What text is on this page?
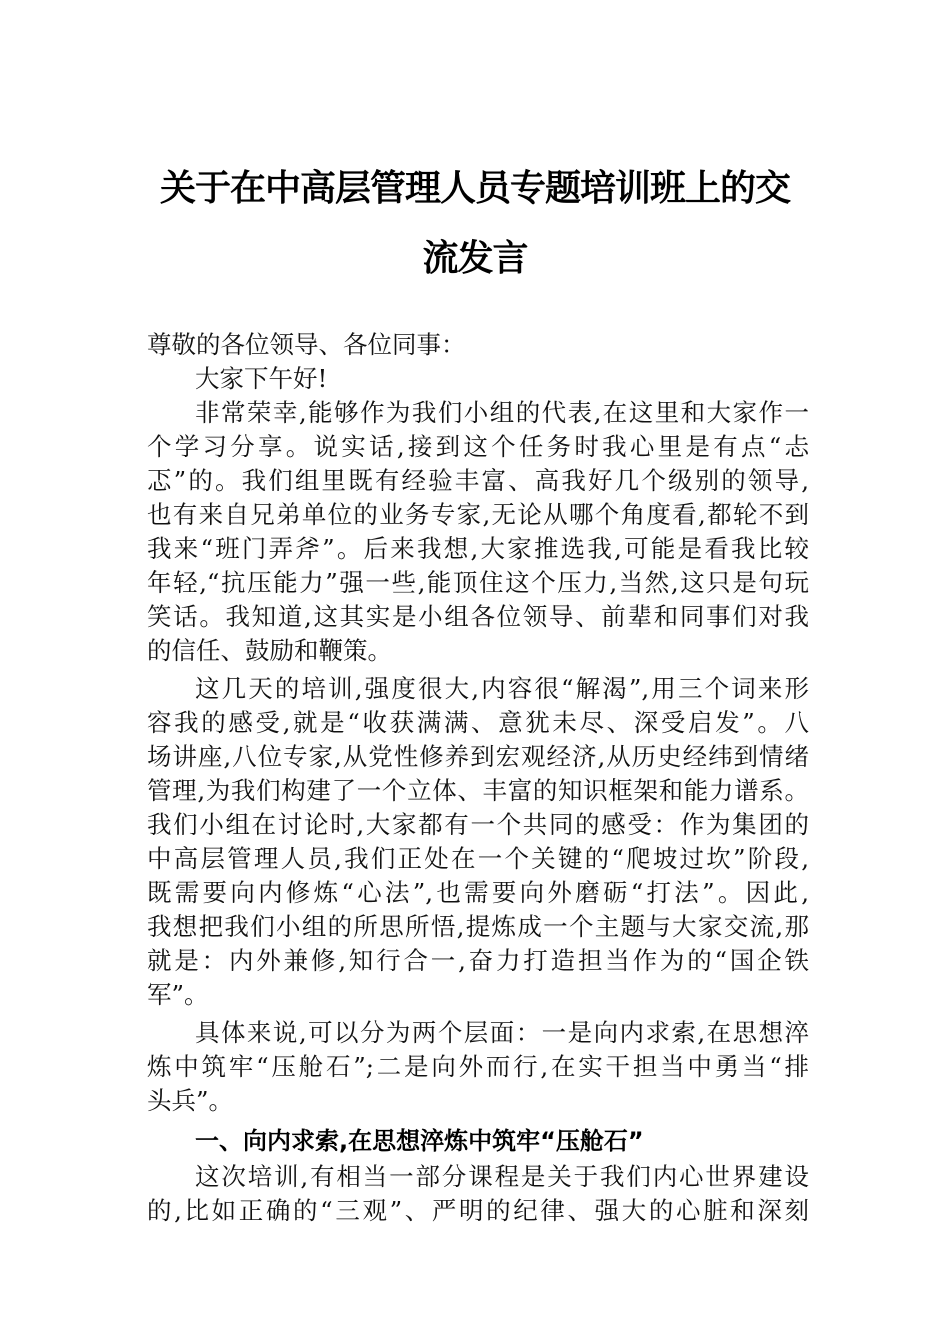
关于在中高层管理人员专题培训班上的交
流发言
尊敬的各位领导、各位同事：
大家下午好!
非常荣幸,能够作为我们小组的代表,在这里和大家作一
个学习分享。说实话,接到这个任务时我心里是有点“忐
忑”的。我们组里既有经验丰富、高我好几个级别的领导,
也有来自兄弟单位的业务专家,无论从哪个角度看,都轮不到
我来“班门弄斧”。后来我想,大家推选我,可能是看我比较
年轻,“抗压能力”强一些,能顶住这个压力,当然,这只是句玩
笑话。我知道,这其实是小组各位领导、前辈和同事们对我
的信任、鼓励和鞭策。
这几天的培训,强度很大,内容很“解渴”,用三个词来形
容我的感受,就是“收获满满、意犹未尽、深受启发”。八
场讲座,八位专家,从党性修养到宏观经济,从历史经纬到情绪
管理,为我们构建了一个立体、丰富的知识框架和能力谱系。
我们小组在讨论时,大家都有一个共同的感受：作为集团的
中高层管理人员,我们正处在一个关键的“爬坡过坎”阶段,
既需要向内修炼“心法”,也需要向外磨砺“打法”。因此,
我想把我们小组的所思所悟,提炼成一个主题与大家交流,那
就是：内外兼修,知行合一,奋力打造担当作为的“国企铁
军”。
具体来说,可以分为两个层面：一是向内求索,在思想淬
炼中筑牢“压舱石”;二是向外而行,在实干担当中勇当“排
头兵”。
一、向内求索,在思想淬炼中筑牢“压舱石”
这次培训,有相当一部分课程是关于我们内心世界建设
的,比如正确的“三观”、严明的纪律、强大的心脏和深刻
